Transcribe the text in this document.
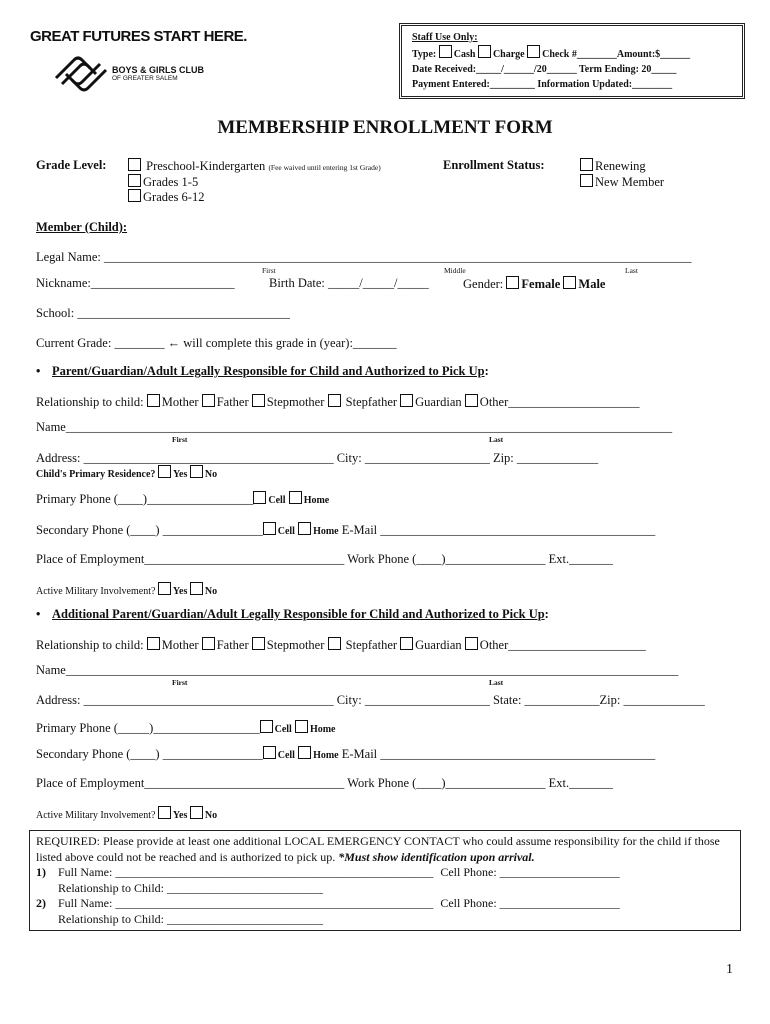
GREAT FUTURES START HERE.
BOYS & GIRLS CLUB
OF GREATER SALEM
Staff Use Only:
Type: Cash Charge Check #________Amount:$______
Date Received:_____/______/20______ Term Ending: 20_____
Payment Entered:_________ Information Updated:________
MEMBERSHIP ENROLLMENT FORM
Grade Level:	Preschool-Kindergarten (Fee waived until entering 1st Grade)
Grades 1-5
Grades 6-12
Enrollment Status:	Renewing
New Member
Member (Child):
Legal Name: ______________________________________________________________________________________________
First	Middle	Last
Nickname:_______________________	Birth Date: _____/_____/_____	Gender: Female Male
School: __________________________________
Current Grade: ________ ← will complete this grade in (year):_______
• Parent/Guardian/Adult Legally Responsible for Child and Authorized to Pick Up:
Relationship to child: Mother Father Stepmother Stepfather Guardian Other_____________________
Name_________________________________________________________________________________________________
First	Last
Address: ________________________________________ City: ____________________ Zip: _____________
Child's Primary Residence? Yes No
Primary Phone (____)_________________ Cell Home
Secondary Phone (____) ________________ Cell Home E-Mail ____________________________________________
Place of Employment________________________________ Work Phone (____)________________ Ext._______
Active Military Involvement? Yes No
• Additional Parent/Guardian/Adult Legally Responsible for Child and Authorized to Pick Up:
Relationship to child: Mother Father Stepmother Stepfather Guardian Other______________________
Name__________________________________________________________________________________________________
First	Last
Address: ________________________________________ City: ____________________ State: ____________Zip: _____________
Primary Phone (_____)_________________ Cell Home
Secondary Phone (____) ________________ Cell Home E-Mail ____________________________________________
Place of Employment________________________________ Work Phone (____)________________ Ext._______
Active Military Involvement? Yes No
REQUIRED: Please provide at least one additional LOCAL EMERGENCY CONTACT who could assume responsibility for the child if those listed above could not be reached and is authorized to pick up. *Must show identification upon arrival.
1) Full Name: _____________________________________________________ Cell Phone: ____________________
Relationship to Child: __________________________
2) Full Name: _____________________________________________________ Cell Phone: ____________________
Relationship to Child: __________________________
1
